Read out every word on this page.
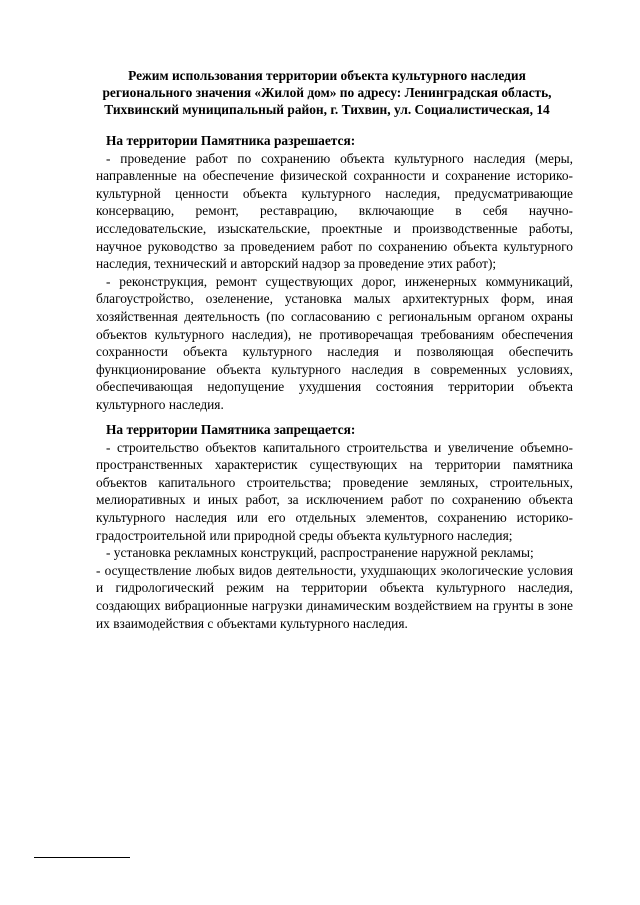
Режим использования территории объекта культурного наследия
регионального значения «Жилой дом» по адресу: Ленинградская область,
Тихвинский муниципальный район, г. Тихвин, ул. Социалистическая, 14
На территории Памятника разрешается:

- проведение работ по сохранению объекта культурного наследия (меры, направленные на обеспечение физической сохранности и сохранение историко-культурной ценности объекта культурного наследия, предусматривающие консервацию, ремонт, реставрацию, включающие в себя научно-исследовательские, изыскательские, проектные и производственные работы, научное руководство за проведением работ по сохранению объекта культурного наследия, технический и авторский надзор за проведение этих работ);

- реконструкция, ремонт существующих дорог, инженерных коммуникаций, благоустройство, озеленение, установка малых архитектурных форм, иная хозяйственная деятельность (по согласованию с региональным органом охраны объектов культурного наследия), не противоречащая требованиям обеспечения сохранности объекта культурного наследия и позволяющая обеспечить функционирование объекта культурного наследия в современных условиях, обеспечивающая недопущение ухудшения состояния территории объекта культурного наследия.

На территории Памятника запрещается:

- строительство объектов капитального строительства и увеличение объемно-пространственных характеристик существующих на территории памятника объектов капитального строительства; проведение земляных, строительных, мелиоративных и иных работ, за исключением работ по сохранению объекта культурного наследия или его отдельных элементов, сохранению историко-градостроительной или природной среды объекта культурного наследия;

- установка рекламных конструкций, распространение наружной рекламы;

- осуществление любых видов деятельности, ухудшающих экологические условия и гидрологический режим на территории объекта культурного наследия, создающих вибрационные нагрузки динамическим воздействием на грунты в зоне их взаимодействия с объектами культурного наследия.
